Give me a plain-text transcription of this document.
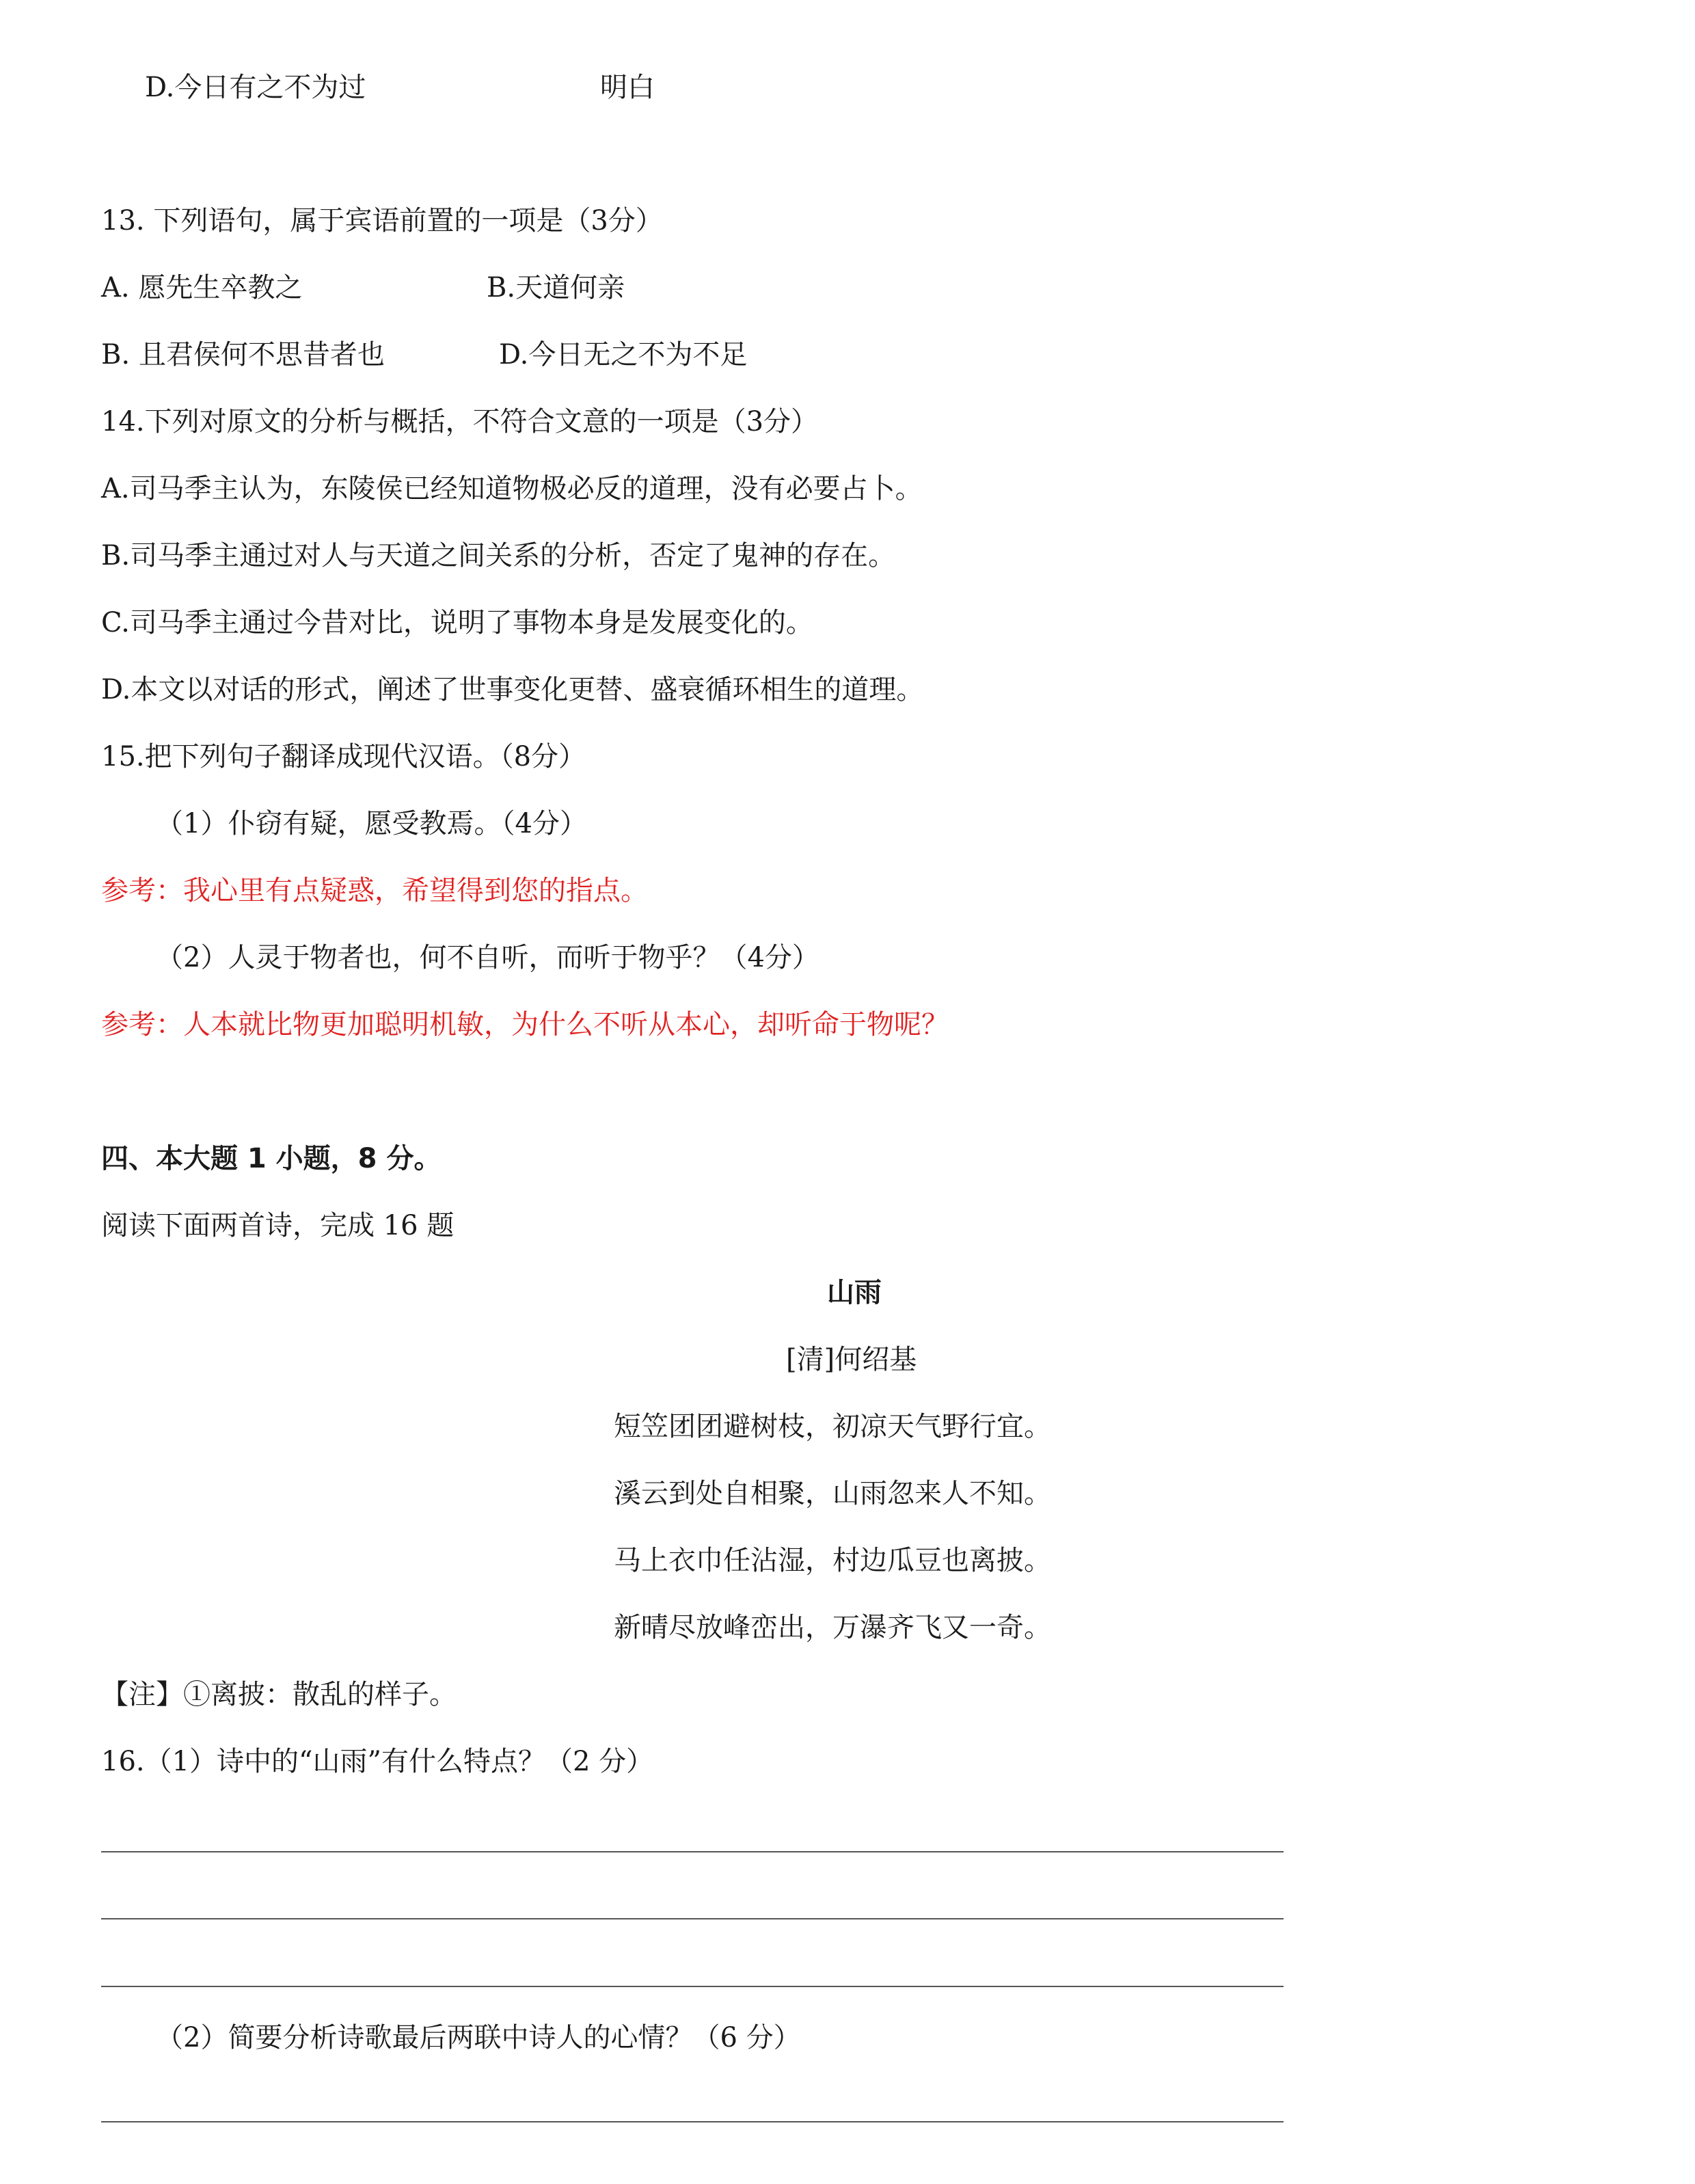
D.今日有之不为过	明白
13. 下列语句，属于宾语前置的一项是（3分）
A. 愿先生卒教之	B.天道何亲
B. 且君侯何不思昔者也	D.今日无之不为不足
14.下列对原文的分析与概括，不符合文意的一项是（3分）
A.司马季主认为，东陵侯已经知道物极必反的道理，没有必要占卜。
B.司马季主通过对人与天道之间关系的分析，否定了鬼神的存在。
C.司马季主通过今昔对比，说明了事物本身是发展变化的。
D.本文以对话的形式，阐述了世事变化更替、盛衰循环相生的道理。
15.把下列句子翻译成现代汉语。（8分）
（1）仆窃有疑，愿受教焉。（4分）
参考：我心里有点疑惑，希望得到您的指点。
（2）人灵于物者也，何不自听，而听于物乎？（4分）
参考：人本就比物更加聪明机敏，为什么不听从本心，却听命于物呢？
四、本大题 1 小题，8 分。
阅读下面两首诗，完成 16 题
山雨
[清]何绍基
短笠团团避树枝，初凉天气野行宜。
溪云到处自相聚，山雨忽来人不知。
马上衣巾任沾湿，村边瓜豆也离披。
新晴尽放峰峦出，万瀑齐飞又一奇。
【注】①离披：散乱的样子。
16.（1）诗中的“山雨”有什么特点？（2 分）
（2）简要分析诗歌最后两联中诗人的心情？（6 分）
